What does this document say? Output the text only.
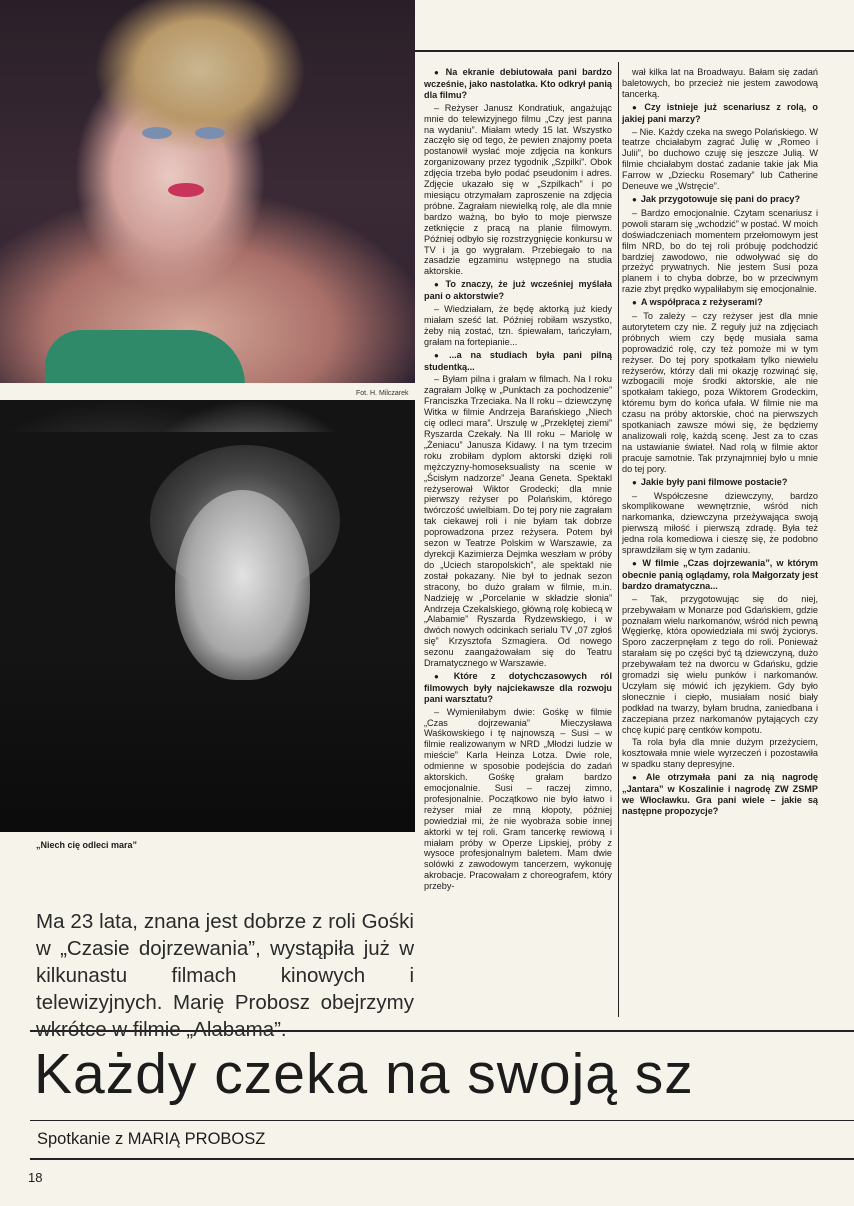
Fot. H. Milczarek
„Niech cię odleci mara”

● Na ekranie debiutowała pani bardzo wcześnie, jako nastolatka. Kto odkrył panią dla filmu?

– Reżyser Janusz Kondratiuk, angażując mnie do telewizyjnego filmu „Czy jest panna na wydaniu”. Miałam wtedy 15 lat. Wszystko zaczęło się od tego, że pewien znajomy poeta postanowił wysłać moje zdjęcia na konkurs zorganizowany przez tygodnik „Szpilki”. Obok zdjęcia trzeba było podać pseudonim i adres. Zdjęcie ukazało się w „Szpilkach” i po miesiącu otrzymałam zaproszenie na zdjęcia próbne. Zagrałam niewielką rolę, ale dla mnie bardzo ważną, bo było to moje pierwsze zetknięcie z pracą na planie filmowym. Później odbyło się rozstrzygnięcie konkursu w TV i ja go wygrałam. Przebiegało to na zasadzie egzaminu wstępnego na studia aktorskie.

● To znaczy, że już wcześniej myślała pani o aktorstwie?

– Wiedziałam, że będę aktorką już kiedy miałam sześć lat. Później robiłam wszystko, żeby nią zostać, tzn. śpiewałam, tańczyłam, grałam na fortepianie...

● ...a na studiach była pani pilną studentką...

– Byłam pilna i grałam w filmach. Na I roku zagrałam Jolkę w „Punktach za pochodzenie” Franciszka Trzeciaka. Na II roku – dziewczynę Witka w filmie Andrzeja Barańskiego „Niech cię odleci mara”. Urszulę w „Przeklętej ziemi” Ryszarda Czekały. Na III roku – Mariolę w „Żeniacu” Janusza Kidawy. I na tym trzecim roku zrobiłam dyplom aktorski dzięki roli mężczyzny-homoseksualisty na scenie w „Ścisłym nadzorze” Jeana Geneta. Spektakl reżyserował Wiktor Grodecki; dla mnie pierwszy reżyser po Polańskim, którego twórczość uwielbiam. Do tej pory nie zagrałam tak ciekawej roli i nie byłam tak dobrze poprowadzona przez reżysera. Potem był sezon w Teatrze Polskim w Warszawie, za dyrekcji Kazimierza Dejmka weszłam w próby do „Uciech staropolskich”, ale spektakl nie został pokazany. Nie był to jednak sezon stracony, bo dużo grałam w filmie, m.in. Nadzieję w „Porcelanie w składzie słonia” Andrzeja Czekalskiego, główną rolę kobiecą w „Alabamie” Ryszarda Rydzewskiego, i w dwóch nowych odcinkach serialu TV „07 zgłoś się” Krzysztofa Szmagiera. Od nowego sezonu zaangażowałam się do Teatru Dramatycznego w Warszawie.

● Które z dotychczasowych ról filmowych były najciekawsze dla rozwoju pani warsztatu?

– Wymieniłabym dwie: Gośkę w filmie „Czas dojrzewania” Mieczysława Waśkowskiego i tę najnowszą – Susi – w filmie realizowanym w NRD „Młodzi ludzie w mieście” Karla Heinza Lotza. Dwie role, odmienne w sposobie podejścia do zadań aktorskich. Gośkę grałam bardzo emocjonalnie. Susi – raczej zimno, profesjonalnie. Początkowo nie było łatwo i reżyser miał ze mną kłopoty, później powiedział mi, że nie wyobraża sobie innej aktorki w tej roli. Gram tancerkę rewiową i miałam próby w Operze Lipskiej, próby z wysoce profesjonalnym baletem. Mam dwie solówki z zawodowym tancerzem, wykonuję akrobacje. Pracowałam z choreografem, który przeby-

wał kilka lat na Broadwayu. Bałam się zadań baletowych, bo przecież nie jestem zawodową tancerką.

● Czy istnieje już scenariusz z rolą, o jakiej pani marzy?

– Nie. Każdy czeka na swego Polańskiego. W teatrze chciałabym zagrać Julię w „Romeo i Julii”, bo duchowo czuję się jeszcze Julią. W filmie chciałabym dostać zadanie takie jak Mia Farrow w „Dziecku Rosemary” lub Catherine Deneuve we „Wstręcie”.

● Jak przygotowuje się pani do pracy?

– Bardzo emocjonalnie. Czytam scenariusz i powoli staram się „wchodzić” w postać. W moich doświadczeniach momentem przełomowym jest film NRD, bo do tej roli próbuję podchodzić bardziej zawodowo, nie odwoływać się do przeżyć prywatnych. Nie jestem Susi poza planem i to chyba dobrze, bo w przeciwnym razie zbyt prędko wypaliłabym się emocjonalnie.

● A współpraca z reżyserami?

– To zależy – czy reżyser jest dla mnie autorytetem czy nie. Z reguły już na zdjęciach próbnych wiem czy będę musiała sama poprowadzić rolę, czy też pomoże mi w tym reżyser. Do tej pory spotkałam tylko niewielu reżyserów, którzy dali mi okazję rozwinąć się, wzbogacili moje środki aktorskie, ale nie spotkałam takiego, poza Wiktorem Grodeckim, któremu bym do końca ufała. W filmie nie ma czasu na próby aktorskie, choć na pierwszych spotkaniach zawsze mówi się, że będziemy analizowali rolę, każdą scenę. Jest za to czas na ustawianie świateł. Nad rolą w filmie aktor pracuje samotnie. Tak przynajmniej było u mnie do tej pory.

● Jakie były pani filmowe postacie?

– Współczesne dziewczyny, bardzo skomplikowane wewnętrznie, wśród nich narkomanka, dziewczyna przeżywająca swoją pierwszą miłość i pierwszą zdradę. Była też jedna rola komediowa i cieszę się, że podobno sprawdziłam się w tym zadaniu.

● W filmie „Czas dojrzewania”, w którym obecnie panią oglądamy, rola Małgorzaty jest bardzo dramatyczna...

– Tak, przygotowując się do niej, przebywałam w Monarze pod Gdańskiem, gdzie poznałam wielu narkomanów, wśród nich pewną Węgierkę, która opowiedziała mi swój życiorys. Sporo zaczerpnęłam z tego do roli. Ponieważ starałam się po części być tą dziewczyną, dużo przebywałam też na dworcu w Gdańsku, gdzie gromadzi się wielu punków i narkomanów. Uczyłam się mówić ich językiem. Gdy było słonecznie i ciepło, musiałam nosić biały podkład na twarzy, byłam brudna, zaniedbana i zaczepiana przez narkomanów pytających czy chcę kupić parę centków kompotu.

Ta rola była dla mnie dużym przeżyciem, kosztowała mnie wiele wyrzeczeń i pozostawiła w spadku stany depresyjne.

● Ale otrzymała pani za nią nagrodę „Jantara” w Koszalinie i nagrodę ZW ZSMP we Włocławku. Gra pani wiele – jakie są następne propozycje?

Ma 23 lata, znana jest dobrze z roli Gośki w „Czasie dojrzewania”, wystąpiła już w kilkunastu filmach kinowych i telewizyjnych. Marię Probosz obejrzymy wkrótce w filmie „Alabama”.
Każdy czeka na swoją sz
Spotkanie z MARIĄ PROBOSZ
18
